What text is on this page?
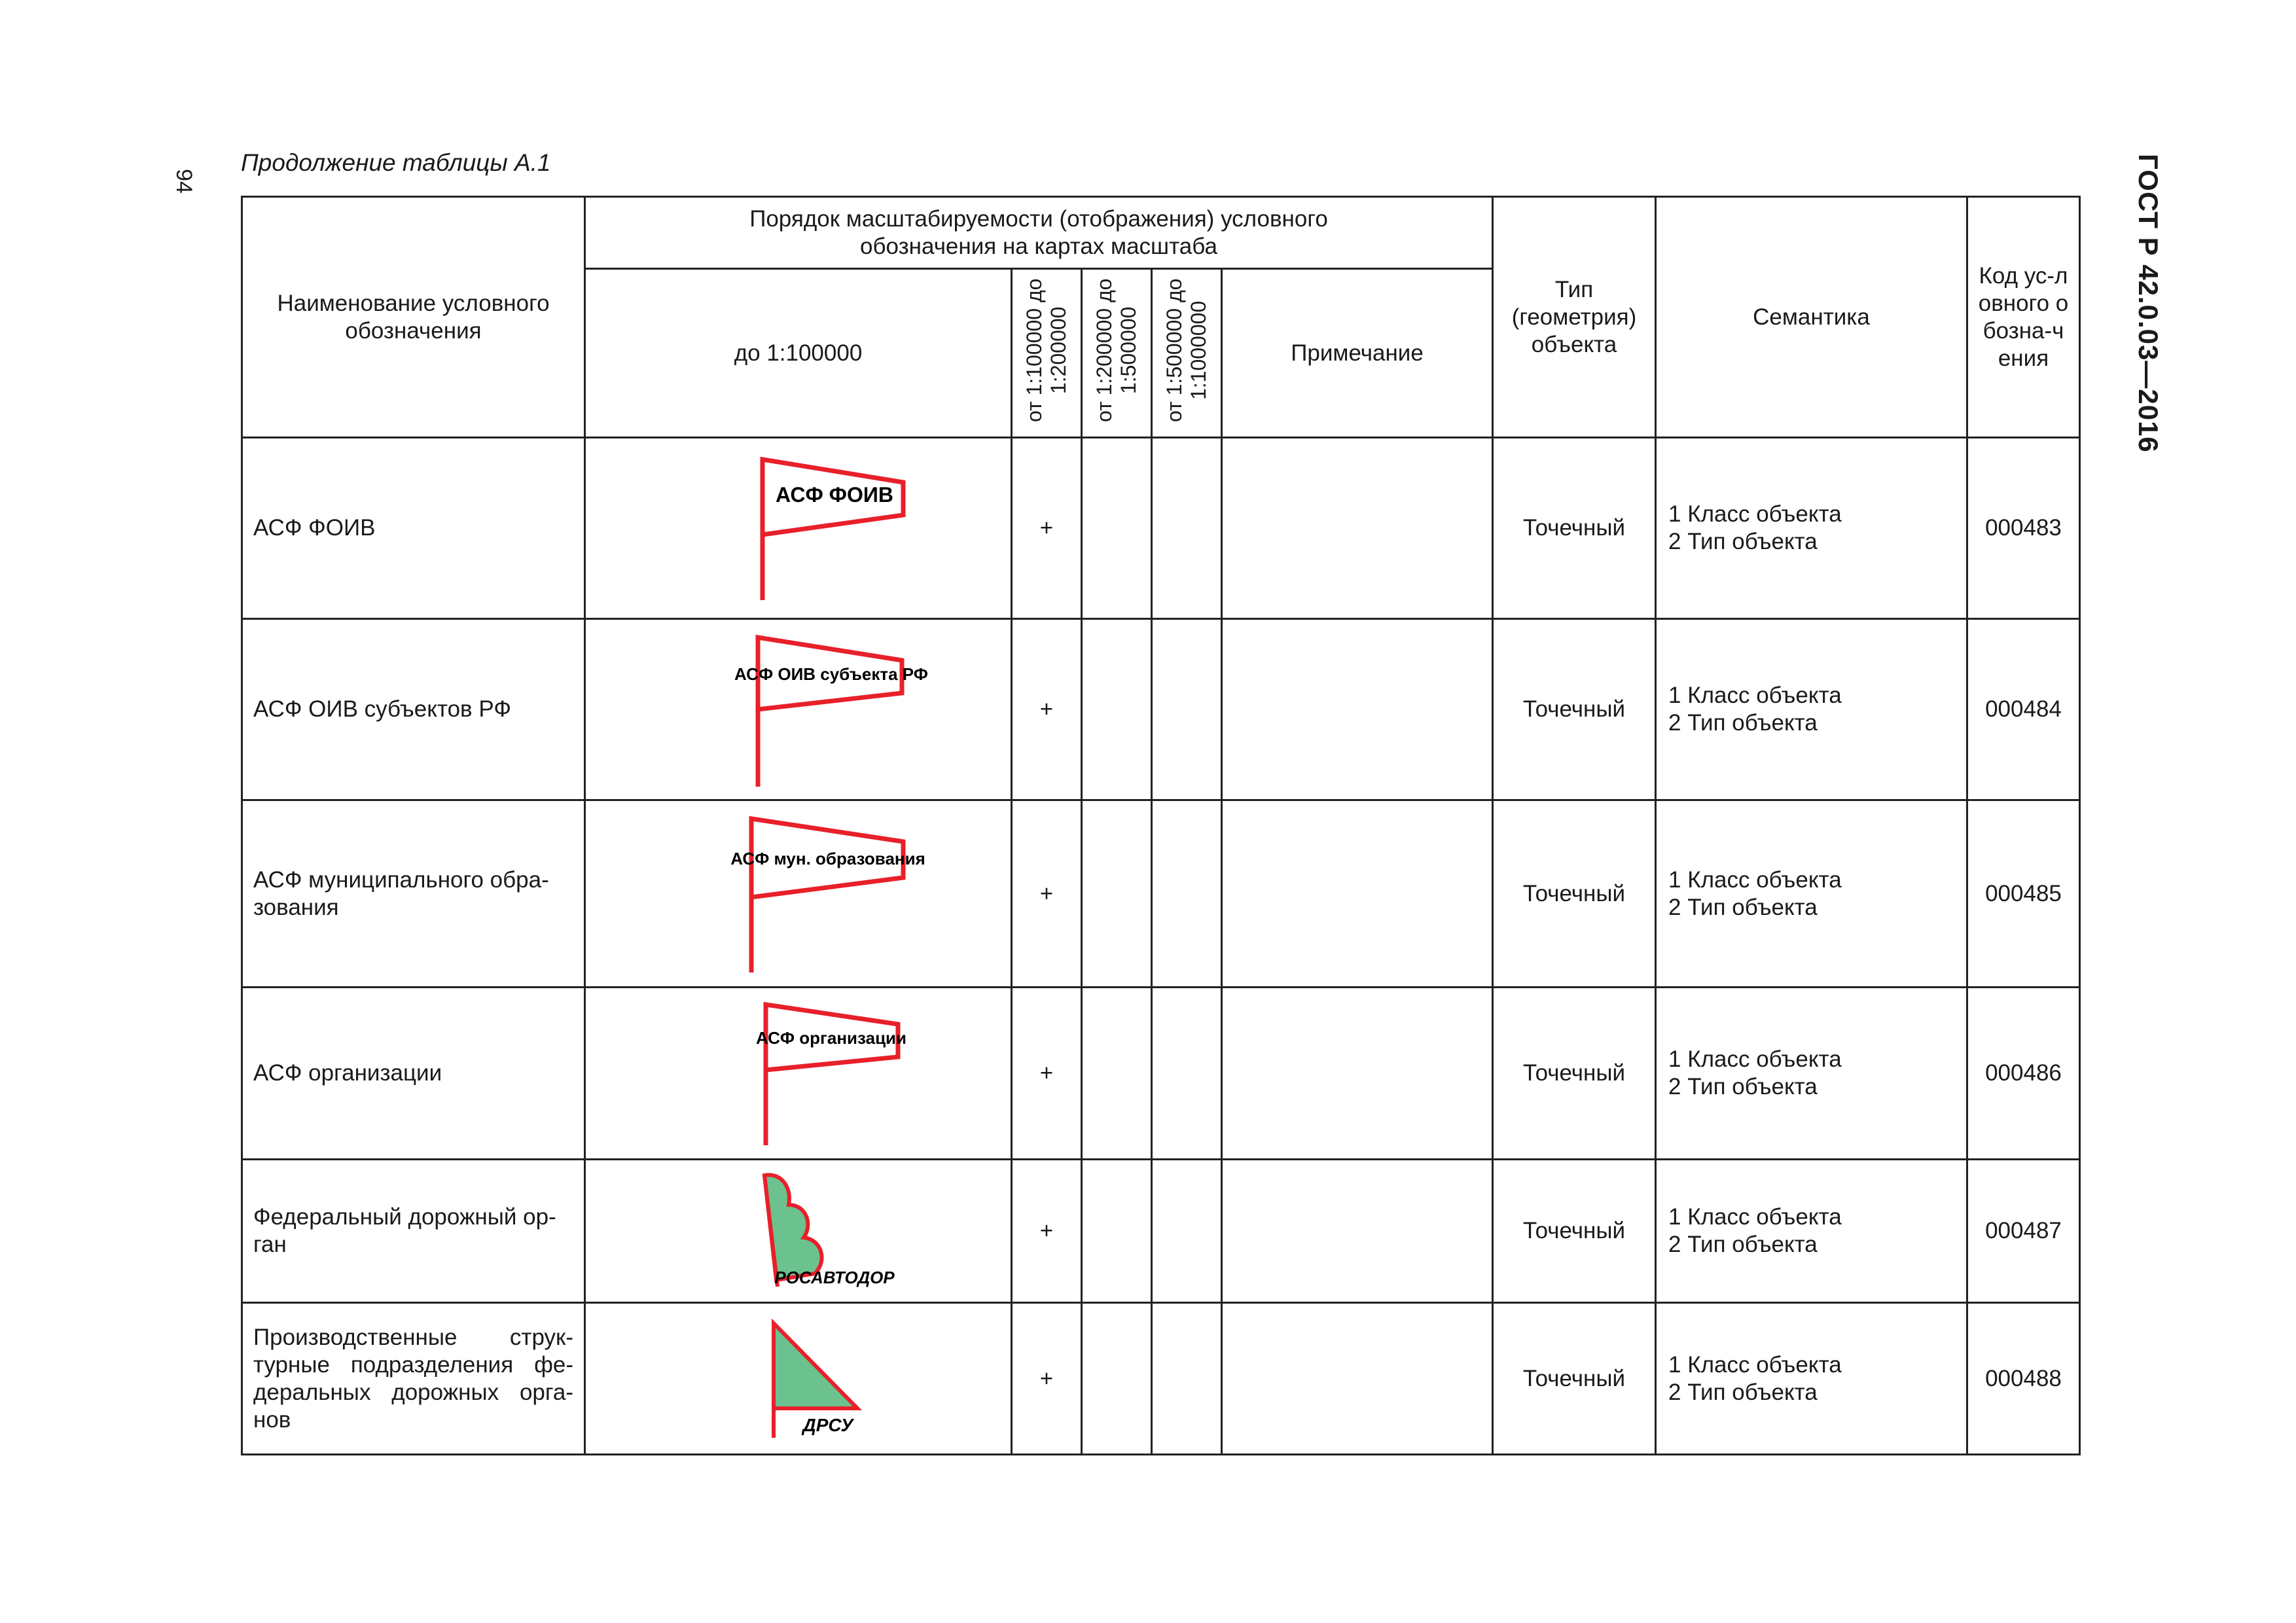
94
Продолжение таблицы А.1	ГОСТ Р 42.0.03—2016
Наименование условного обозначения	Порядок масштабируемости (отображения) условного обозначения на картах масштаба					Тип (геометрия) объекта	Семантика	Код ус-ловного обозна-чения
	до 1:100000	от 1:100000 до 1:200000	от 1:200000 до 1:500000	от 1:500000 до 1:1000000	Примечание			
АСФ ФОИВ	АСФ ФОИВ	+				Точечный	1 Класс объекта
2 Тип объекта	000483
АСФ ОИВ субъектов РФ	АСФ ОИВ субъекта РФ	+				Точечный	1 Класс объекта
2 Тип объекта	000484
АСФ муниципального обра-зования	АСФ мун. образования	+				Точечный	1 Класс объекта
2 Тип объекта	000485
АСФ организации	АСФ организации	+				Точечный	1 Класс объекта
2 Тип объекта	000486
Федеральный дорожный ор-ган	РОСАВТОДОР	+				Точечный	1 Класс объекта
2 Тип объекта	000487
Производственные струк-турные подразделения фе-деральных дорожных орга-нов	ДРСУ	+				Точечный	1 Класс объекта
2 Тип объекта	000488
